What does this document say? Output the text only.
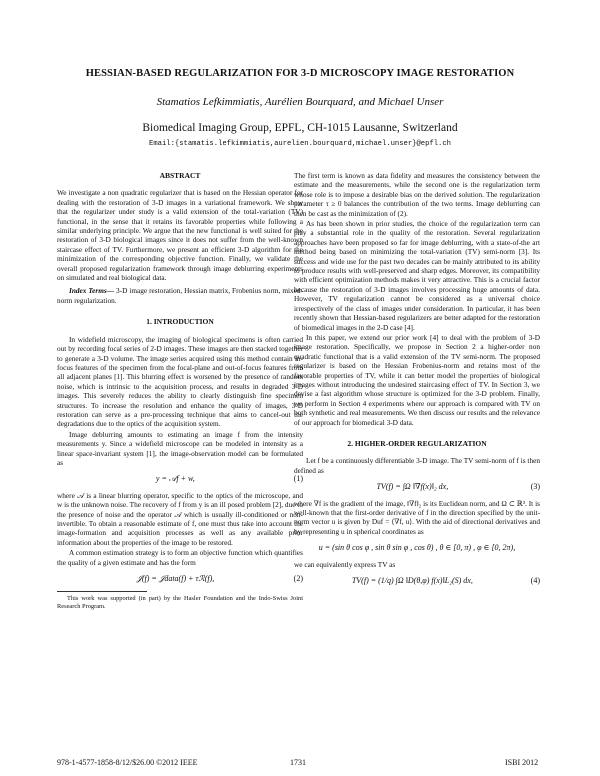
HESSIAN-BASED REGULARIZATION FOR 3-D MICROSCOPY IMAGE RESTORATION
Stamatios Lefkimmiatis, Aurélien Bourquard, and Michael Unser
Biomedical Imaging Group, EPFL, CH-1015 Lausanne, Switzerland
Email:{stamatis.lefkimmiatis,aurelien.bourquard,michael.unser}@epfl.ch
ABSTRACT

We investigate a non quadratic regularizer that is based on the Hessian operator for dealing with the restoration of 3-D images in a variational framework. We show that the regularizer under study is a valid extension of the total-variation (TV) functional, in the sense that it retains its favorable properties while following a similar underlying principle. We argue that the new functional is well suited for the restoration of 3-D biological images since it does not suffer from the well-known staircase effect of TV. Furthermore, we present an efficient 3-D algorithm for the minimization of the corresponding objective function. Finally, we validate the overall proposed regularization framework through image deblurring experiments on simulated and real biological data.

Index Terms— 3-D image restoration, Hessian matrix, Frobenius norm, mixed-norm regularization.

1. INTRODUCTION

In widefield microscopy, the imaging of biological specimens is often carried out by recording focal series of 2-D images. These images are then stacked together to generate a 3-D volume. The image series acquired using this method contain in-focus features of the specimen from the focal-plane and out-of-focus features from all adjacent planes [1]. This blurring effect is worsened by the presence of random noise, which is intrinsic to the acquisition process, and results in degraded 3-D images. This severely reduces the ability to clearly distinguish fine specimen structures. To increase the resolution and enhance the quality of images, 3-D restoration can serve as a pre-processing technique that aims to cancel-out the degradations due to the optics of the acquisition system.

Image deblurring amounts to estimating an image f from the intensity measurements y. Since a widefield microscope can be modeled in intensity as a linear space-invariant system [1], the image-observation model can be formulated as

y = 𝒜f + w,	(1)

where 𝒜 is a linear blurring operator, specific to the optics of the microscope, and w is the unknown noise. The recovery of f from y is an ill posed problem [2], due to the presence of noise and the operator 𝒜 which is usually ill-conditioned or non-invertible. To obtain a reasonable estimate of f, one must thus take into account the image-formation and acquisition processes as well as any available prior information about the properties of the image to be restored.

A common estimation strategy is to form an objective function which quantifies the quality of a given estimate and has the form

𝒥(f) = 𝒥data(f) + τℛ(f),	(2)

This work was supported (in part) by the Hasler Foundation and the Indo-Swiss Joint Research Program.

The first term is known as data fidelity and measures the consistency between the estimate and the measurements, while the second one is the regularization term whose role is to impose a desirable bias on the derived solution. The regularization parameter τ ≥ 0 balances the contribution of the two terms. Image deblurring can then be cast as the minimization of (2).

As has been shown in prior studies, the choice of the regularization term can play a substantial role in the quality of the restoration. Several regularization approaches have been proposed so far for image deblurring, with a state-of-the art method being based on minimizing the total-variation (TV) semi-norm [3]. Its success and wide use for the past two decades can be mainly attributed to its ability to produce results with well-preserved and sharp edges. Moreover, its compatibility with efficient optimization methods makes it very attractive. This is a crucial factor because the restoration of 3-D images involves processing huge amounts of data. However, TV regularization cannot be considered as a universal choice irrespectively of the class of images under consideration. In particular, it has been recently shown that Hessian-based regularizers are better adapted for the restoration of biomedical images in the 2-D case [4].

In this paper, we extend our prior work [4] to deal with the problem of 3-D image restoration. Specifically, we propose in Section 2 a higher-order non quadratic functional that is a valid extension of the TV semi-norm. The proposed regularizer is based on the Hessian Frobenius-norm and retains most of the favorable properties of TV, while it can better model the properties of biological images without introducing the undesired staircasing effect of TV. In Section 3, we devise a fast algorithm whose structure is optimized for the 3-D problem. Finally, we perform in Section 4 experiments where our approach is compared with TV on both synthetic and real measurements. We then discuss our results and the relevance of our approach for biomedical 3-D data.

2. HIGHER-ORDER REGULARIZATION

Let f be a continuously differentiable 3-D image. The TV semi-norm of f is then defined as

TV(f) = ∫Ω ‖∇f(x)‖₂ dx,	(3)

where ∇f is the gradient of the image, ‖∇f‖₂ is its Euclidean norm, and Ω ⊂ ℝ³. It is well-known that the first-order derivative of f in the direction specified by the unit-norm vector u is given by Duf = ⟨∇f, u⟩. With the aid of directional derivatives and by representing u in spherical coordinates as

u = (sin θ cos φ , sin θ sin φ , cos θ) , θ ∈ [0, π) , φ ∈ [0, 2π),

we can equivalently express TV as

TV(f) = (1/q) ∫Ω ‖D(θ,φ) f(x)‖L₂(S) dx,	(4)
978-1-4577-1858-8/12/$26.00 ©2012 IEEE	1731	ISBI 2012
